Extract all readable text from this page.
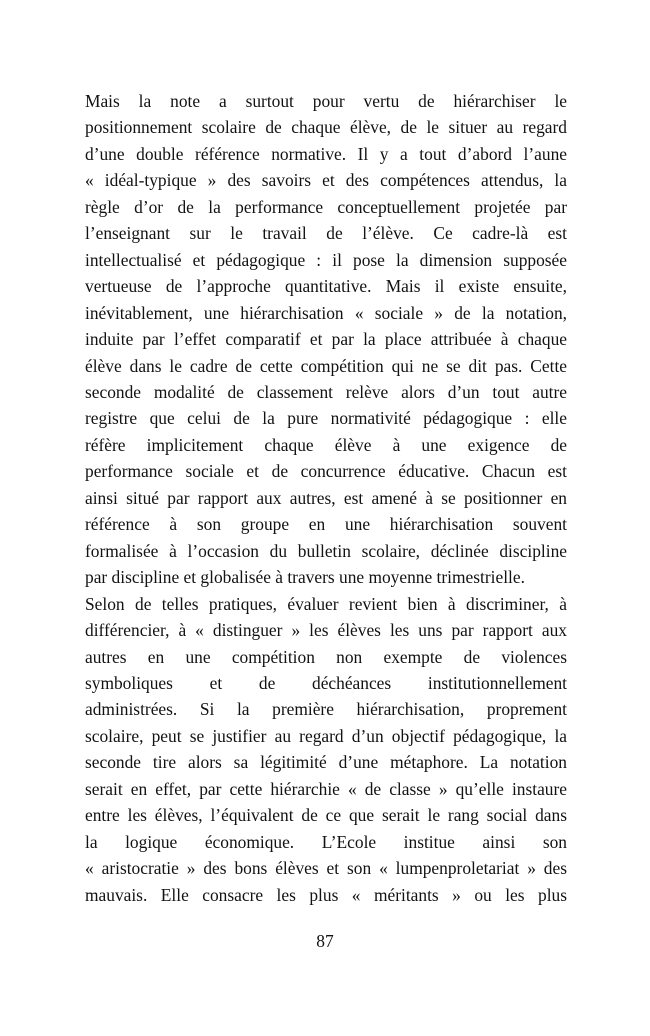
Mais la note a surtout pour vertu de hiérarchiser le
positionnement scolaire de chaque élève, de le situer au regard
d’une double référence normative. Il y a tout d’abord l’aune
« idéal-typique » des savoirs et des compétences attendus, la
règle d’or de la performance conceptuellement projetée par
l’enseignant sur le travail de l’élève. Ce cadre-là est
intellectualisé et pédagogique : il pose la dimension supposée
vertueuse de l’approche quantitative. Mais il existe ensuite,
inévitablement, une hiérarchisation « sociale » de la notation,
induite par l’effet comparatif et par la place attribuée à chaque
élève dans le cadre de cette compétition qui ne se dit pas. Cette
seconde modalité de classement relève alors d’un tout autre
registre que celui de la pure normativité pédagogique : elle
réfère implicitement chaque élève à une exigence de
performance sociale et de concurrence éducative. Chacun est
ainsi situé par rapport aux autres, est amené à se positionner en
référence à son groupe en une hiérarchisation souvent
formalisée à l’occasion du bulletin scolaire, déclinée discipline
par discipline et globalisée à travers une moyenne trimestrielle.
Selon de telles pratiques, évaluer revient bien à discriminer, à
différencier, à « distinguer » les élèves les uns par rapport aux
autres en une compétition non exempte de violences
symboliques et de déchéances institutionnellement
administrées. Si la première hiérarchisation, proprement
scolaire, peut se justifier au regard d’un objectif pédagogique, la
seconde tire alors sa légitimité d’une métaphore. La notation
serait en effet, par cette hiérarchie « de classe » qu’elle instaure
entre les élèves, l’équivalent de ce que serait le rang social dans
la logique économique. L’Ecole institue ainsi son
« aristocratie » des bons élèves et son « lumpenproletariat » des
mauvais. Elle consacre les plus « méritants » ou les plus
87
